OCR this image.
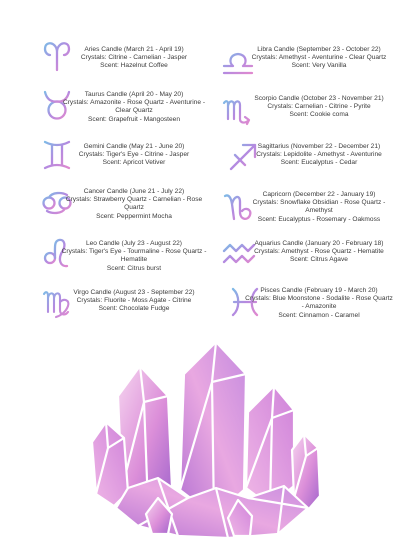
Aries Candle (March 21 - April 19)
Crystals: Citrine - Carnelian - Jasper
Scent: Hazelnut Coffee
Taurus Candle (April 20 - May 20)
Crystals: Amazonite - Rose Quartz - Aventurine - Clear Quartz
Scent: Grapefruit - Mangosteen
Gemini Candle (May 21 - June 20)
Crystals: Tiger's Eye - Citrine - Jasper
Scent: Apricot Vetiver
Cancer Candle (June 21 - July 22)
Crystals: Strawberry Quartz - Carnelian - Rose Quartz
Scent: Peppermint Mocha
Leo Candle (July 23 - August 22)
Crystals: Tiger's Eye - Tourmaline - Rose Quartz - Hematite
Scent: Citrus burst
Virgo Candle (August 23 - September 22)
Crystals: Fluorite - Moss Agate - Citrine
Scent: Chocolate Fudge
Libra Candle (September 23 - October 22)
Crystals: Amethyst - Aventurine - Clear Quartz
Scent: Very Vanilla
Scorpio Candle (October 23 - November 21)
Crystals: Carnelian - Citrine - Pyrite
Scent: Cookie coma
Sagittarius (November 22 - December 21)
Crystals: Lepidolite - Amethyst - Aventurine
Scent: Eucalyptus - Cedar
Capricorn (December 22 - January 19)
Crystals: Snowflake Obsidian - Rose Quartz - Amethyst
Scent: Eucalyptus - Rosemary - Oakmoss
Aquarius Candle (January 20 - February 18)
Crystals: Amethyst - Rose Quartz - Hematite
Scent: Citrus Agave
Pisces Candle (February 19 - March 20)
Crystals: Blue Moonstone - Sodalite - Rose Quartz - Amazonite
Scent: Cinnamon - Caramel
